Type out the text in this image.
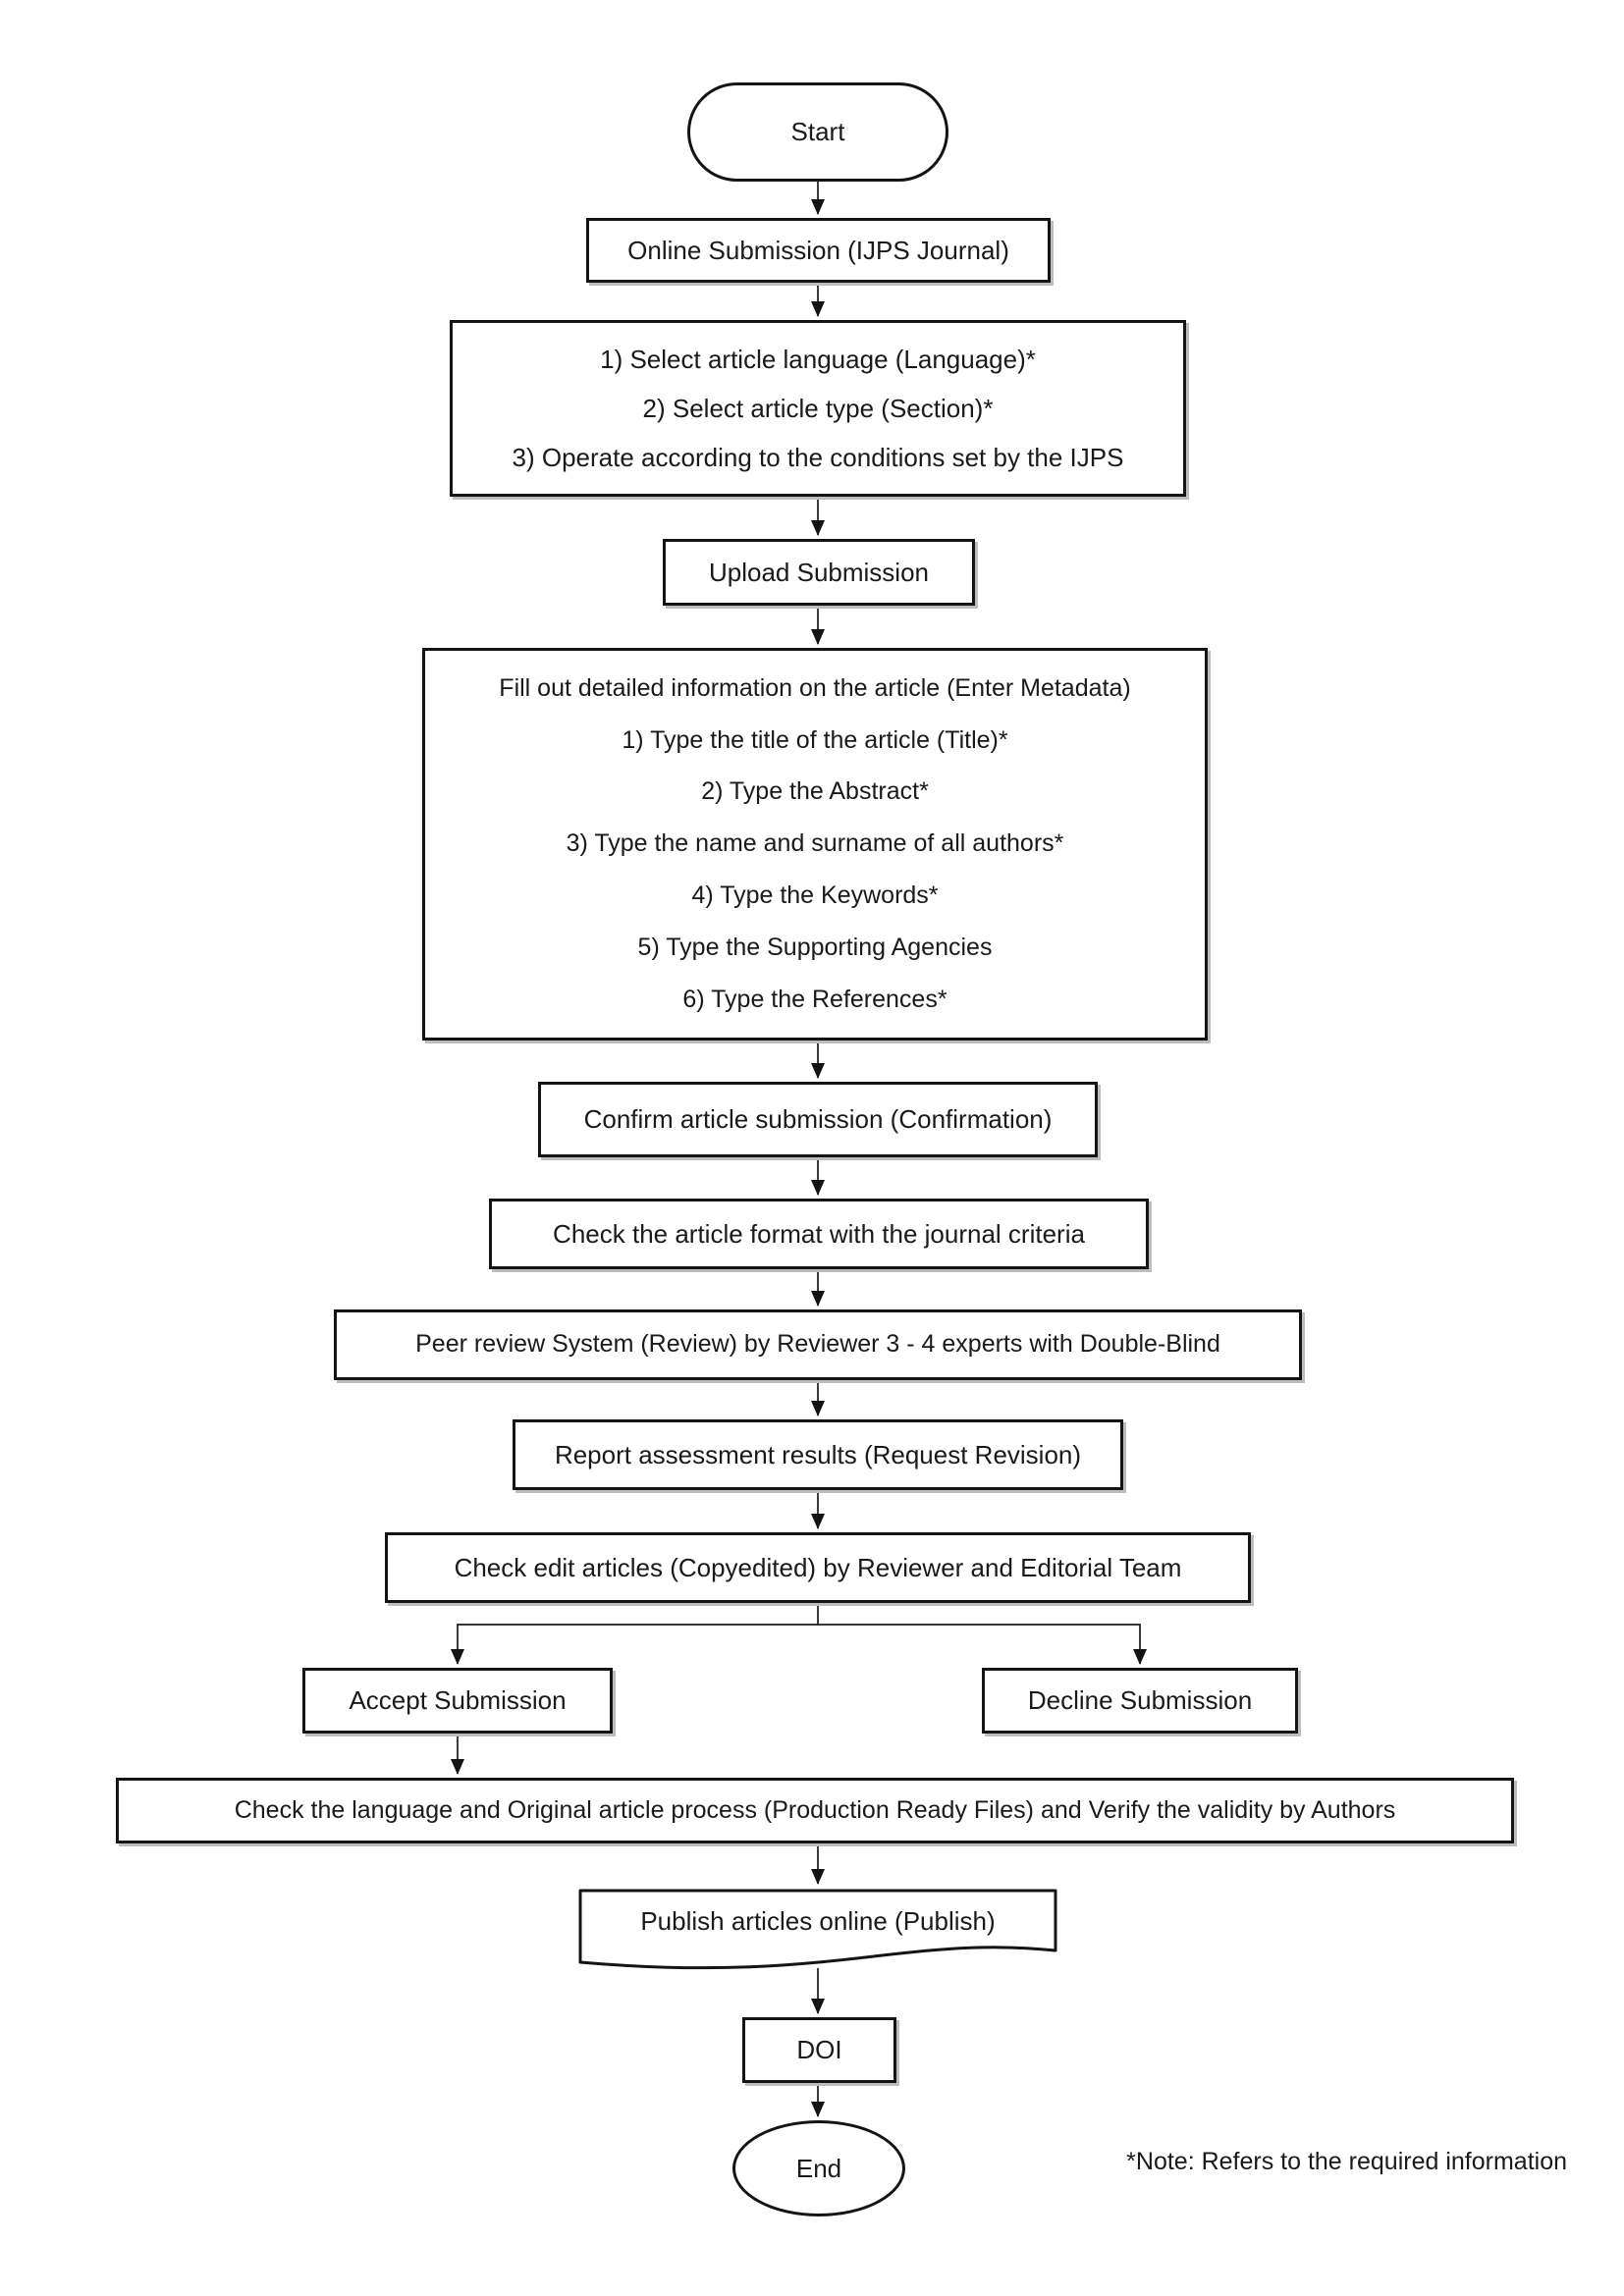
Start
Online Submission (IJPS Journal)
1) Select article language (Language)*
2) Select article type (Section)*
3) Operate according to the conditions set by the IJPS
Upload Submission
Fill out detailed information on the article (Enter Metadata)
1) Type the title of the article (Title)*
2) Type the Abstract*
3) Type the name and surname of all authors*
4) Type the Keywords*
5) Type the Supporting Agencies
6) Type the References*
Confirm article submission (Confirmation)
Check the article format with the journal criteria
Peer review System (Review) by Reviewer 3 - 4 experts with Double-Blind
Report assessment results (Request Revision)
Check edit articles (Copyedited) by Reviewer and Editorial Team
Accept Submission	Decline Submission
Check the language and Original article process (Production Ready Files) and Verify the validity by Authors
Publish articles online (Publish)
DOI
End	*Note: Refers to the required information
